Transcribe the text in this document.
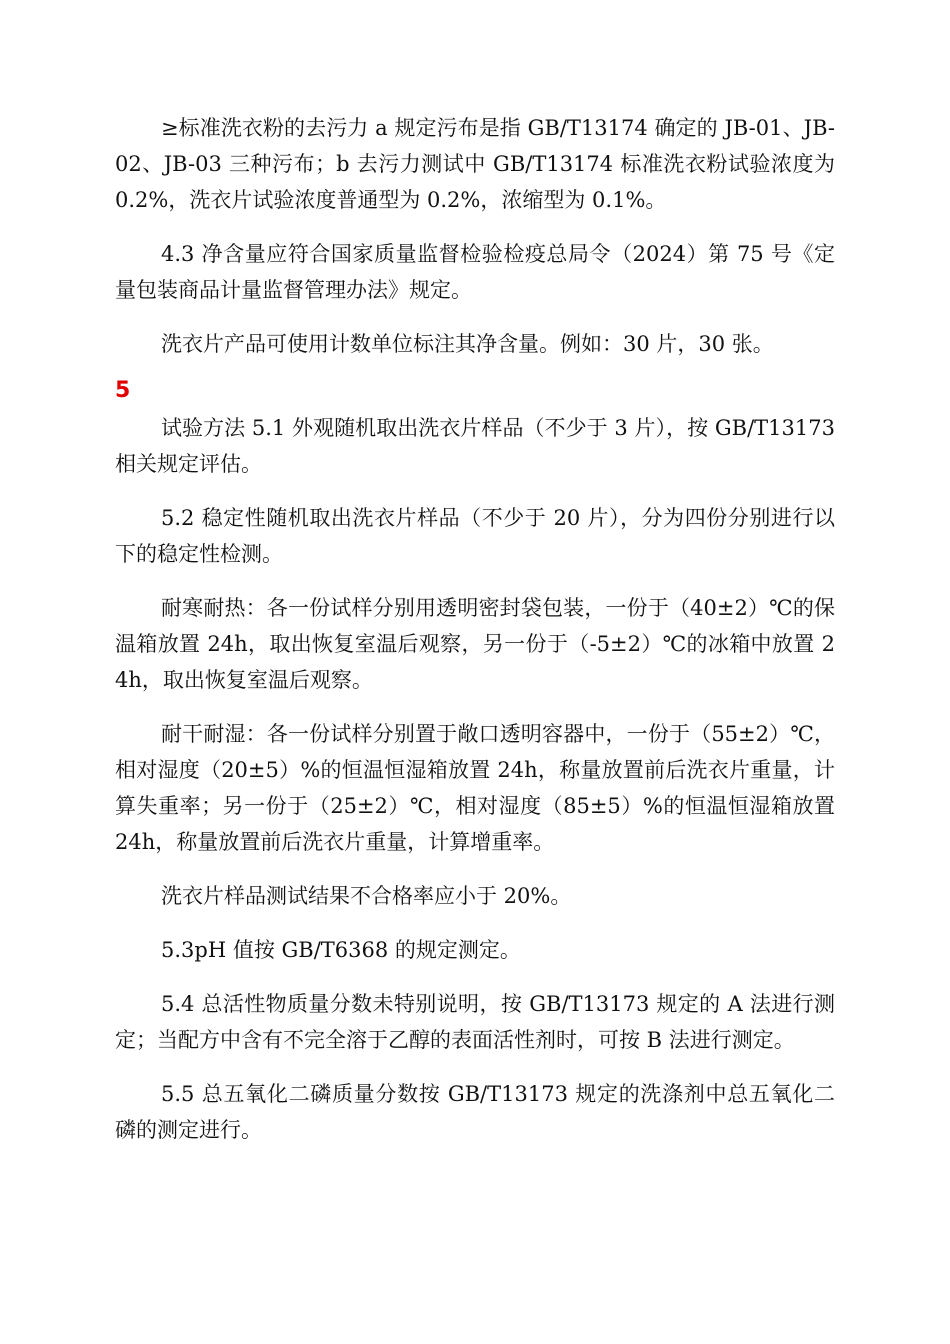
≥标准洗衣粉的去污力 a 规定污布是指 GB/T13174 确定的 JB-01、JB-02、JB-03 三种污布；b 去污力测试中 GB/T13174 标准洗衣粉试验浓度为 0.2%，洗衣片试验浓度普通型为 0.2%，浓缩型为 0.1%。

4.3 净含量应符合国家质量监督检验检疫总局令（2024）第 75 号《定量包装商品计量监督管理办法》规定。

洗衣片产品可使用计数单位标注其净含量。例如：30 片，30 张。

5

试验方法 5.1 外观随机取出洗衣片样品（不少于 3 片），按 GB/T13173 相关规定评估。

5.2 稳定性随机取出洗衣片样品（不少于 20 片），分为四份分别进行以下的稳定性检测。

耐寒耐热：各一份试样分别用透明密封袋包装，一份于（40±2）℃的保温箱放置 24h，取出恢复室温后观察，另一份于（-5±2）℃的冰箱中放置 24h，取出恢复室温后观察。

耐干耐湿：各一份试样分别置于敞口透明容器中，一份于（55±2）℃，相对湿度（20±5）%的恒温恒湿箱放置 24h，称量放置前后洗衣片重量，计算失重率；另一份于（25±2）℃，相对湿度（85±5）%的恒温恒湿箱放置 24h，称量放置前后洗衣片重量，计算增重率。

洗衣片样品测试结果不合格率应小于 20%。

5.3pH 值按 GB/T6368 的规定测定。

5.4 总活性物质量分数未特别说明，按 GB/T13173 规定的 A 法进行测定；当配方中含有不完全溶于乙醇的表面活性剂时，可按 B 法进行测定。

5.5 总五氧化二磷质量分数按 GB/T13173 规定的洗涤剂中总五氧化二磷的测定进行。
